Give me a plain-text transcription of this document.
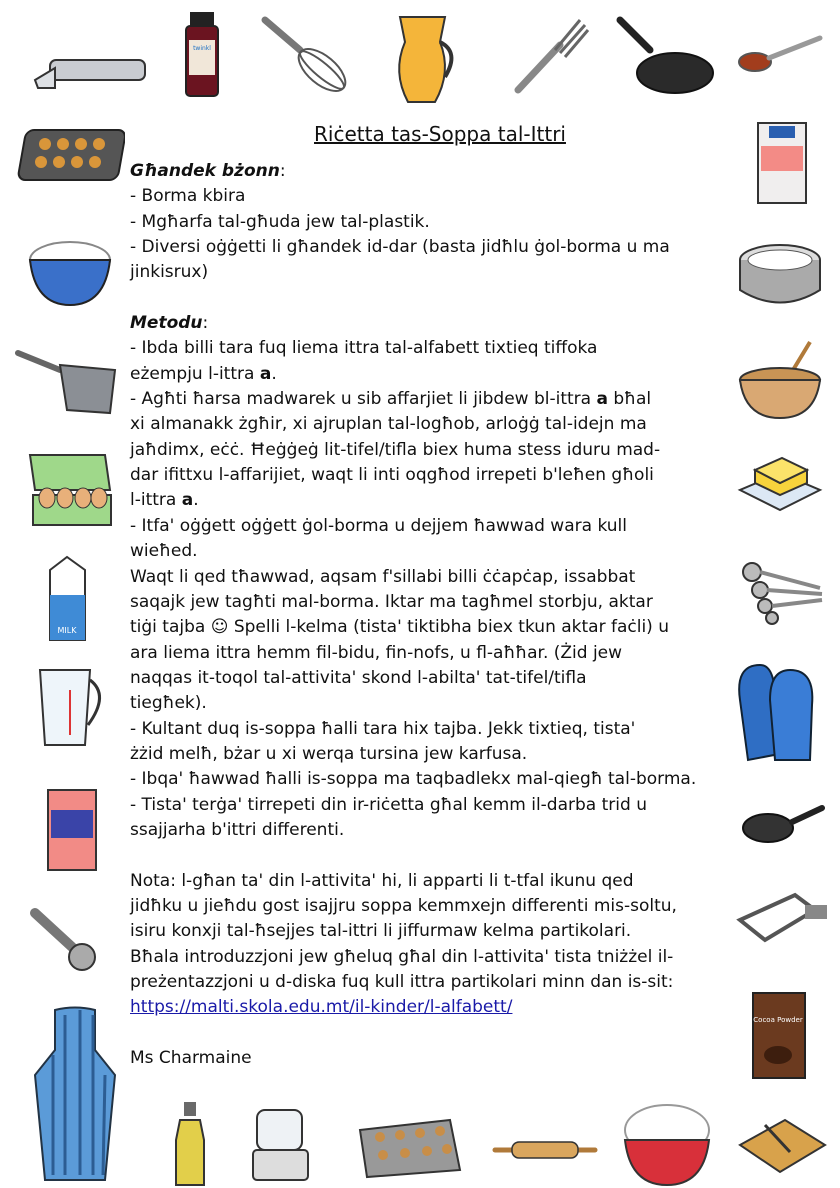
Riċetta tas-Soppa tal-Ittri
Għandek bżonn:
- Borma kbira
- Mgħarfa tal-għuda jew tal-plastik.
- Diversi oġġetti li għandek id-dar (basta jidħlu ġol-borma u ma
jinkisrux)
Metodu:
- Ibda billi tara fuq liema ittra tal-alfabett tixtieq tiffoka
eżempju l-ittra a.
- Agħti ħarsa madwarek u sib affarjiet li jibdew bl-ittra a bħal
xi almanakk żgħir, xi ajruplan tal-logħob, arloġġ tal-idejn ma
jaħdimx, eċċ. Ħeġġeġ lit-tifel/tifla biex huma stess iduru mad-
dar ifittxu l-affarijiet, waqt li inti oqgħod irrepeti b'leħen għoli
l-ittra a.
- Itfa' oġġett oġġett ġol-borma u dejjem ħawwad wara kull
wieħed.
Waqt li qed tħawwad, aqsam f'sillabi billi ċċapċap, issabbat
saqajk jew tagħti mal-borma. Iktar ma tagħmel storbju, aktar
tiġi tajba ☺ Spelli l-kelma (tista' tiktibha biex tkun aktar faċli) u
ara liema ittra hemm fil-bidu, fin-nofs, u fl-aħħar. (Żid jew
naqqas it-toqol tal-attivita' skond l-abilta' tat-tifel/tifla
tiegħek).
- Kultant duq is-soppa ħalli tara hix tajba. Jekk tixtieq, tista'
żżid melħ, bżar u xi werqa tursina jew karfusa.
- Ibqa' ħawwad ħalli is-soppa ma taqbadlekx mal-qiegħ tal-borma.
- Tista' terġa' tirrepeti din ir-riċetta għal kemm il-darba trid u
ssajjarha b'ittri differenti.
Nota: l-għan ta' din l-attivita' hi, li apparti li t-tfal ikunu qed
jidħku u jieħdu gost isajjru soppa kemmxejn differenti mis-soltu,
isiru konxji tal-ħsejjes tal-ittri li jiffurmaw kelma partikolari.
Bħala introduzzjoni jew għeluq għal din l-attivita' tista tniżżel il-
preżentazzjoni u d-diska fuq kull ittra partikolari minn dan is-sit:
https://malti.skola.edu.mt/il-kinder/l-alfabett/
Ms Charmaine
twinkl
MILK
Cocoa Powder
